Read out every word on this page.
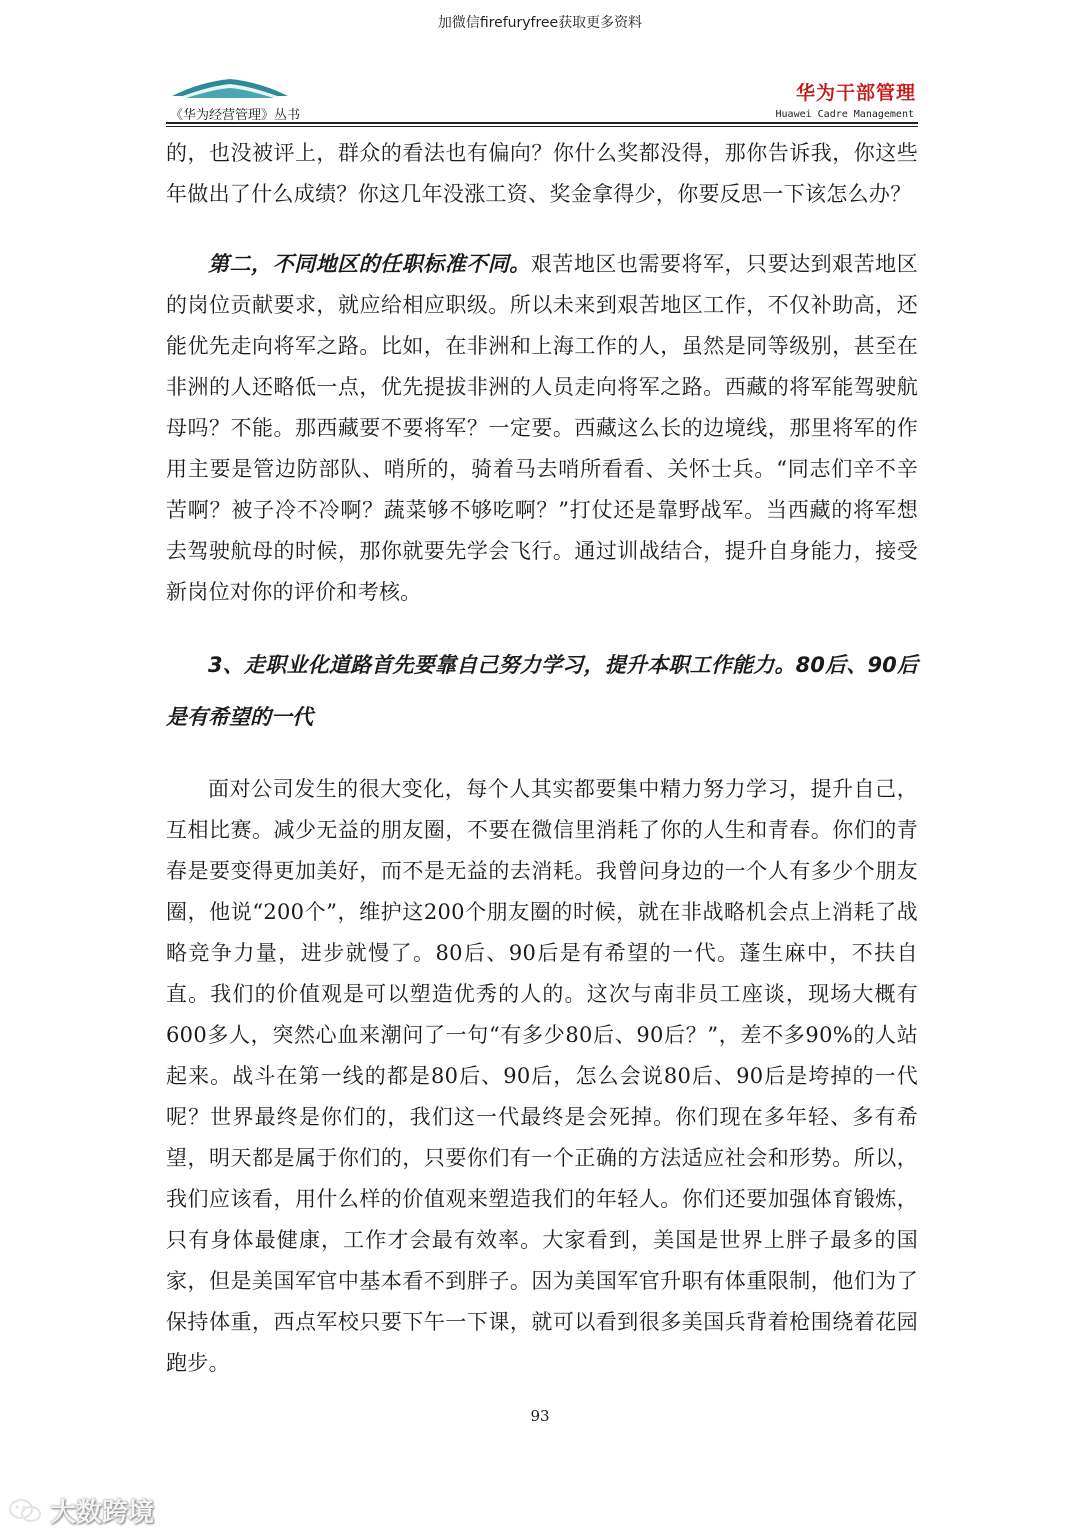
加微信firefuryfree获取更多资料
《华为经营管理》丛书
华为干部管理
Huawei Cadre Management

的，也没被评上，群众的看法也有偏向？你什么奖都没得，那你告诉我，你这些年做出了什么成绩？你这几年没涨工资、奖金拿得少，你要反思一下该怎么办？

第二，不同地区的任职标准不同。艰苦地区也需要将军，只要达到艰苦地区的岗位贡献要求，就应给相应职级。所以未来到艰苦地区工作，不仅补助高，还能优先走向将军之路。比如，在非洲和上海工作的人，虽然是同等级别，甚至在非洲的人还略低一点，优先提拔非洲的人员走向将军之路。西藏的将军能驾驶航母吗？不能。那西藏要不要将军？一定要。西藏这么长的边境线，那里将军的作用主要是管边防部队、哨所的，骑着马去哨所看看、关怀士兵。“同志们辛不辛苦啊？被子冷不冷啊？蔬菜够不够吃啊？”打仗还是靠野战军。当西藏的将军想去驾驶航母的时候，那你就要先学会飞行。通过训战结合，提升自身能力，接受新岗位对你的评价和考核。

3、走职业化道路首先要靠自己努力学习，提升本职工作能力。80后、90后是有希望的一代

面对公司发生的很大变化，每个人其实都要集中精力努力学习，提升自己，互相比赛。减少无益的朋友圈，不要在微信里消耗了你的人生和青春。你们的青春是要变得更加美好，而不是无益的去消耗。我曾问身边的一个人有多少个朋友圈，他说“200个”，维护这200个朋友圈的时候，就在非战略机会点上消耗了战略竞争力量，进步就慢了。80后、90后是有希望的一代。蓬生麻中，不扶自直。我们的价值观是可以塑造优秀的人的。这次与南非员工座谈，现场大概有600多人，突然心血来潮问了一句“有多少80后、90后？”，差不多90%的人站起来。战斗在第一线的都是80后、90后，怎么会说80后、90后是垮掉的一代呢？世界最终是你们的，我们这一代最终是会死掉。你们现在多年轻、多有希望，明天都是属于你们的，只要你们有一个正确的方法适应社会和形势。所以，我们应该看，用什么样的价值观来塑造我们的年轻人。你们还要加强体育锻炼，只有身体最健康，工作才会最有效率。大家看到，美国是世界上胖子最多的国家，但是美国军官中基本看不到胖子。因为美国军官升职有体重限制，他们为了保持体重，西点军校只要下午一下课，就可以看到很多美国兵背着枪围绕着花园跑步。

93
大数跨境
